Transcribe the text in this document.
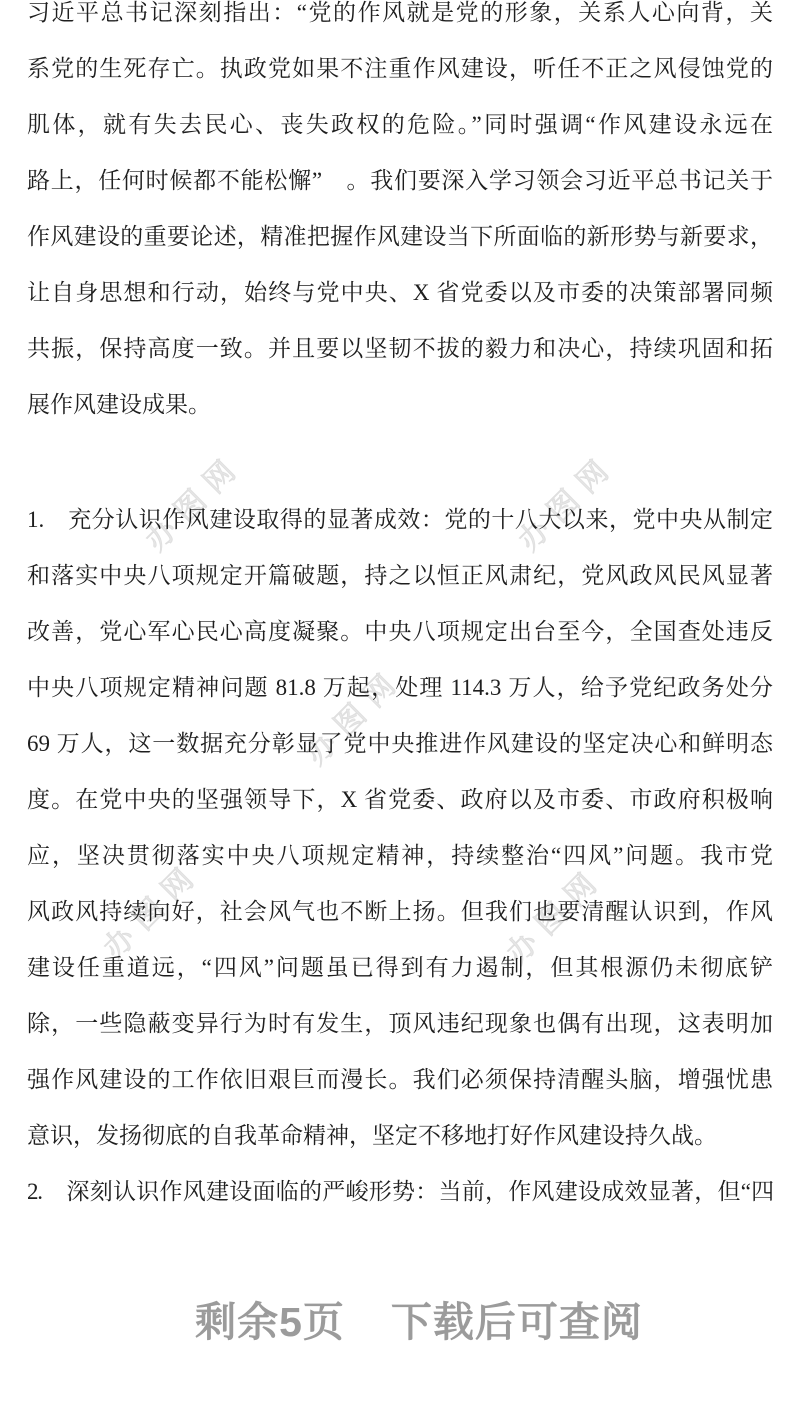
办图网	办图网
办图网
办图网	办图网
习近平总书记深刻指出：“党的作风就是党的形象，关系人心向背，关
系党的生死存亡。执政党如果不注重作风建设，听任不正之风侵蚀党的
肌体，就有失去民心、丧失政权的危险。”同时强调“作风建设永远在
路上，任何时候都不能松懈”　。我们要深入学习领会习近平总书记关于
作风建设的重要论述，精准把握作风建设当下所面临的新形势与新要求，
让自身思想和行动，始终与党中央、X 省党委以及市委的决策部署同频
共振，保持高度一致。并且要以坚韧不拔的毅力和决心，持续巩固和拓
展作风建设成果。
1.　充分认识作风建设取得的显著成效：党的十八大以来，党中央从制定
和落实中央八项规定开篇破题，持之以恒正风肃纪，党风政风民风显著
改善，党心军心民心高度凝聚。中央八项规定出台至今，全国查处违反
中央八项规定精神问题 81.8 万起，处理 114.3 万人，给予党纪政务处分
69 万人，这一数据充分彰显了党中央推进作风建设的坚定决心和鲜明态
度。在党中央的坚强领导下，X 省党委、政府以及市委、市政府积极响
应，坚决贯彻落实中央八项规定精神，持续整治“四风”问题。我市党
风政风持续向好，社会风气也不断上扬。但我们也要清醒认识到，作风
建设任重道远，“四风”问题虽已得到有力遏制，但其根源仍未彻底铲
除，一些隐蔽变异行为时有发生，顶风违纪现象也偶有出现，这表明加
强作风建设的工作依旧艰巨而漫长。我们必须保持清醒头脑，增强忧患
意识，发扬彻底的自我革命精神，坚定不移地打好作风建设持久战。
2.　深刻认识作风建设面临的严峻形势：当前，作风建设成效显著，但“四
剩余5页 下载后可查阅
